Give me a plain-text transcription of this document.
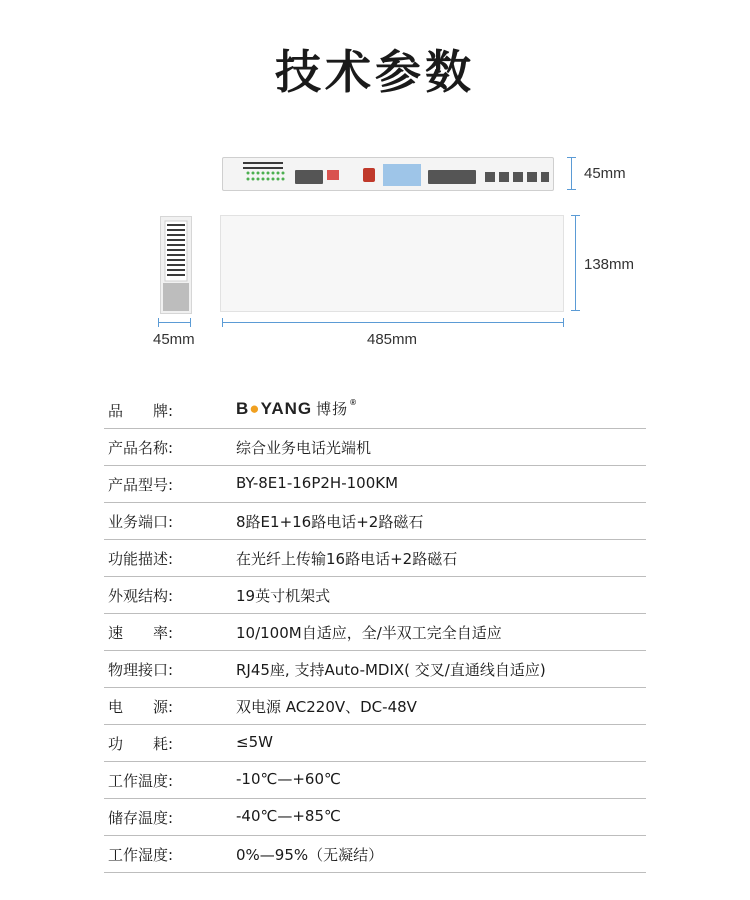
技术参数
45mm
138mm
45mm	485mm
品　　牌:	B●YANG 博扬 ®
产品名称:	综合业务电话光端机
产品型号:	BY-8E1-16P2H-100KM
业务端口:	8路E1+16路电话+2路磁石
功能描述:	在光纤上传输16路电话+2路磁石
外观结构:	19英寸机架式
速　　率:	10/100M自适应，全/半双工完全自适应
物理接口:	RJ45座, 支持Auto-MDIX( 交叉/直通线自适应)
电　　源:	双电源 AC220V、DC-48V
功　　耗:	≤5W
工作温度:	-10℃—+60℃
储存温度:	-40℃—+85℃
工作湿度:	0%—95%（无凝结）
